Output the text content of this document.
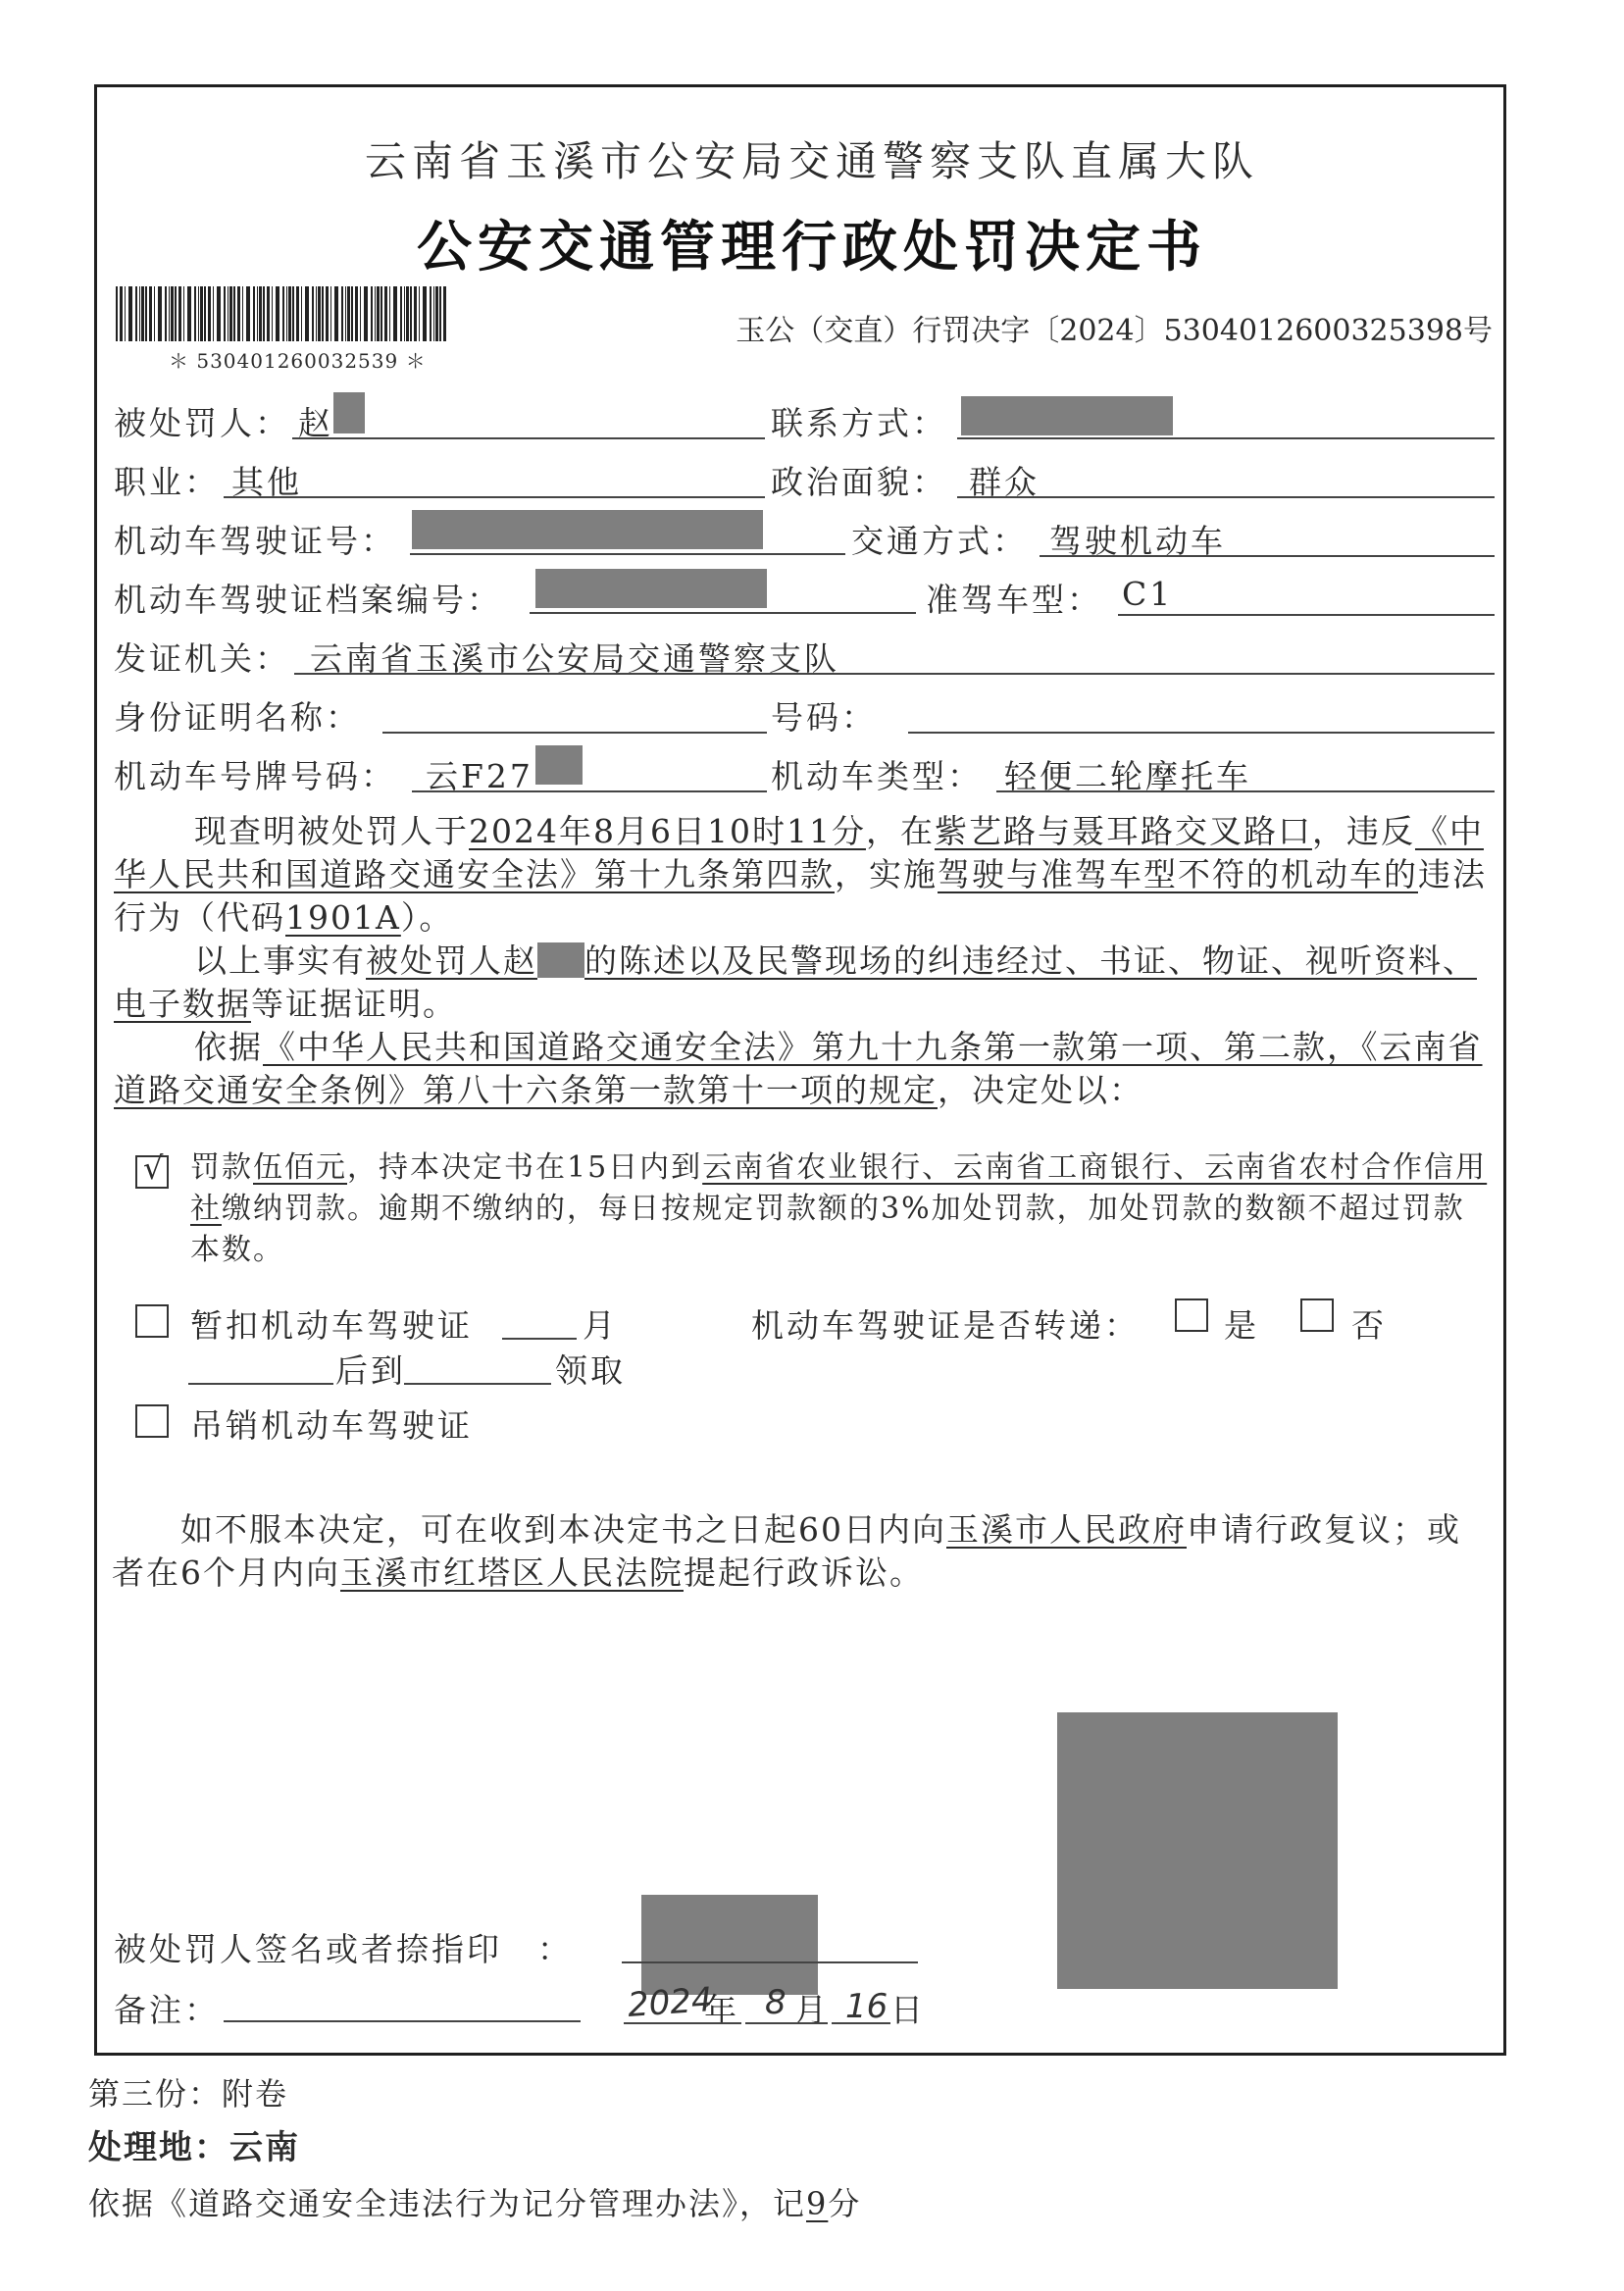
云南省玉溪市公安局交通警察支队直属大队
公安交通管理行政处罚决定书
＊ 530401260032539 ＊
玉公（交直）行罚决字〔2024〕5304012600325398号
被处罚人： 赵	联系方式：
职业： 其他	政治面貌： 群众
机动车驾驶证号：	交通方式： 驾驶机动车
机动车驾驶证档案编号：	准驾车型： C1
发证机关： 云南省玉溪市公安局交通警察支队
身份证明名称：	号码：
机动车号牌号码： 云F27	机动车类型： 轻便二轮摩托车
现查明被处罚人于2024年8月6日10时11分，在紫艺路与聂耳路交叉路口，违反《中华人民共和国道路交通安全法》第十九条第四款，实施驾驶与准驾车型不符的机动车的违法行为（代码1901A）。
以上事实有被处罚人赵 的陈述以及民警现场的纠违经过、书证、物证、视听资料、电子数据等证据证明。
依据《中华人民共和国道路交通安全法》第九十九条第一款第一项、第二款，《云南省道路交通安全条例》第八十六条第一款第十一项的规定，决定处以：
√ 罚款伍佰元，持本决定书在15日内到云南省农业银行、云南省工商银行、云南省农村合作信用社缴纳罚款。逾期不缴纳的，每日按规定罚款额的3%加处罚款，加处罚款的数额不超过罚款本数。
暂扣机动车驾驶证	月	机动车驾驶证是否转递：	是	否
后到	领取
吊销机动车驾驶证
如不服本决定，可在收到本决定书之日起60日内向玉溪市人民政府申请行政复议；或者在6个月内向玉溪市红塔区人民法院提起行政诉讼。
被处罚人签名或者捺指印　：
备注：	2024
年 8 月 16 日
第三份：附卷
处理地：云南
依据《道路交通安全违法行为记分管理办法》，记9分
